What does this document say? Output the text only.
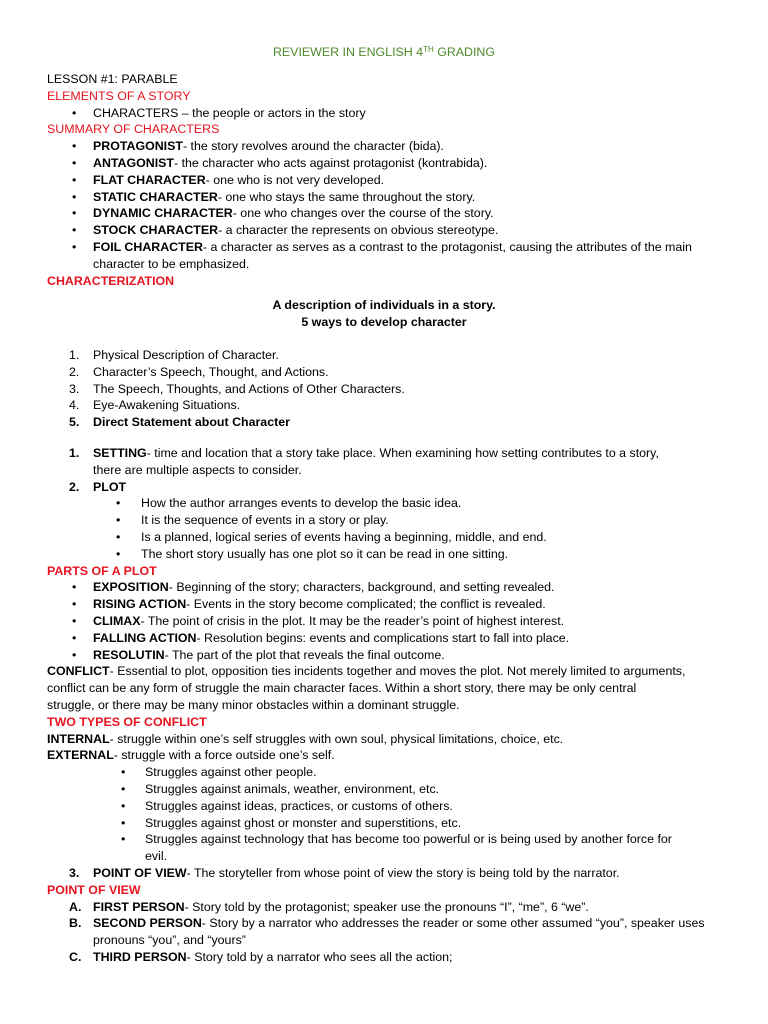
REVIEWER IN ENGLISH 4TH GRADING
LESSON #1: PARABLE
ELEMENTS OF A STORY
• CHARACTERS – the people or actors in the story
SUMMARY OF CHARACTERS
• PROTAGONIST- the story revolves around the character (bida).
• ANTAGONIST- the character who acts against protagonist (kontrabida).
• FLAT CHARACTER- one who is not very developed.
• STATIC CHARACTER- one who stays the same throughout the story.
• DYNAMIC CHARACTER- one who changes over the course of the story.
• STOCK CHARACTER- a character the represents on obvious stereotype.
• FOIL CHARACTER- a character as serves as a contrast to the protagonist, causing the attributes of the main
character to be emphasized.
CHARACTERIZATION
A description of individuals in a story.
5 ways to develop character
1. Physical Description of Character.
2. Character’s Speech, Thought, and Actions.
3. The Speech, Thoughts, and Actions of Other Characters.
4. Eye-Awakening Situations.
5. Direct Statement about Character
1. SETTING- time and location that a story take place. When examining how setting contributes to a story,
there are multiple aspects to consider.
2. PLOT
• How the author arranges events to develop the basic idea.
• It is the sequence of events in a story or play.
• Is a planned, logical series of events having a beginning, middle, and end.
• The short story usually has one plot so it can be read in one sitting.
PARTS OF A PLOT
• EXPOSITION- Beginning of the story; characters, background, and setting revealed.
• RISING ACTION- Events in the story become complicated; the conflict is revealed.
• CLIMAX- The point of crisis in the plot. It may be the reader’s point of highest interest.
• FALLING ACTION- Resolution begins: events and complications start to fall into place.
• RESOLUTIN- The part of the plot that reveals the final outcome.
CONFLICT- Essential to plot, opposition ties incidents together and moves the plot. Not merely limited to arguments,
conflict can be any form of struggle the main character faces. Within a short story, there may be only central
struggle, or there may be many minor obstacles within a dominant struggle.
TWO TYPES OF CONFLICT
INTERNAL- struggle within one’s self struggles with own soul, physical limitations, choice, etc.
EXTERNAL- struggle with a force outside one’s self.
• Struggles against other people.
• Struggles against animals, weather, environment, etc.
• Struggles against ideas, practices, or customs of others.
• Struggles against ghost or monster and superstitions, etc.
• Struggles against technology that has become too powerful or is being used by another force for
evil.
3. POINT OF VIEW- The storyteller from whose point of view the story is being told by the narrator.
POINT OF VIEW
A. FIRST PERSON- Story told by the protagonist; speaker use the pronouns “I”, “me”, 6 “we”.
B. SECOND PERSON- Story by a narrator who addresses the reader or some other assumed “you”, speaker uses
pronouns “you”, and “yours”
C. THIRD PERSON- Story told by a narrator who sees all the action;
